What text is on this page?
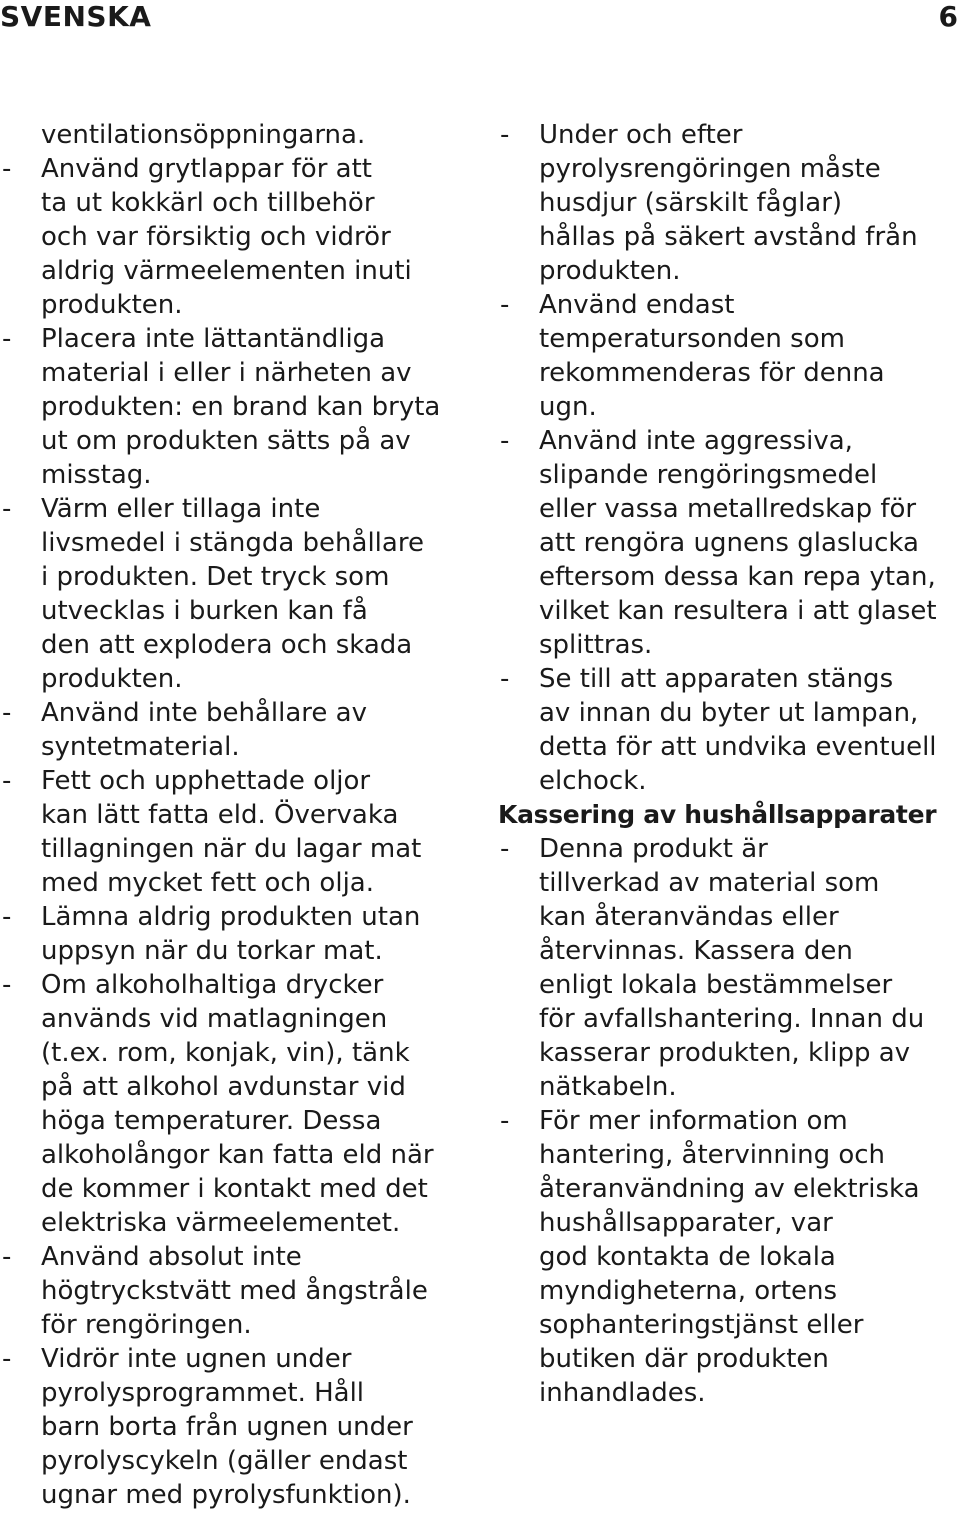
SVENSKA	6

ventilationsöppningarna.

- Använd grytlappar för att
ta ut kokkärl och tillbehör
och var försiktig och vidrör
aldrig värmeelementen inuti
produkten.
- Placera inte lättantändliga
material i eller i närheten av
produkten: en brand kan bryta
ut om produkten sätts på av
misstag.
- Värm eller tillaga inte
livsmedel i stängda behållare
i produkten. Det tryck som
utvecklas i burken kan få
den att explodera och skada
produkten.
- Använd inte behållare av
syntetmaterial.
- Fett och upphettade oljor
kan lätt fatta eld. Övervaka
tillagningen när du lagar mat
med mycket fett och olja.
- Lämna aldrig produkten utan
uppsyn när du torkar mat.
- Om alkoholhaltiga drycker
används vid matlagningen
(t.ex. rom, konjak, vin), tänk
på att alkohol avdunstar vid
höga temperaturer. Dessa
alkoholångor kan fatta eld när
de kommer i kontakt med det
elektriska värmeelementet.
- Använd absolut inte
högtryckstvätt med ångstråle
för rengöringen.
- Vidrör inte ugnen under
pyrolysprogrammet. Håll
barn borta från ugnen under
pyrolyscykeln (gäller endast
ugnar med pyrolysfunktion).
- Under och efter
pyrolysrengöringen måste
husdjur (särskilt fåglar)
hållas på säkert avstånd från
produkten.
- Använd endast
temperatursonden som
rekommenderas för denna
ugn.
- Använd inte aggressiva,
slipande rengöringsmedel
eller vassa metallredskap för
att rengöra ugnens glaslucka
eftersom dessa kan repa ytan,
vilket kan resultera i att glaset
splittras.
- Se till att apparaten stängs
av innan du byter ut lampan,
detta för att undvika eventuell
elchock.

Kassering av hushållsapparater

- Denna produkt är
tillverkad av material som
kan återanvändas eller
återvinnas. Kassera den
enligt lokala bestämmelser
för avfallshantering. Innan du
kasserar produkten, klipp av
nätkabeln.
- För mer information om
hantering, återvinning och
återanvändning av elektriska
hushållsapparater, var
god kontakta de lokala
myndigheterna, ortens
sophanteringstjänst eller
butiken där produkten
inhandlades.
